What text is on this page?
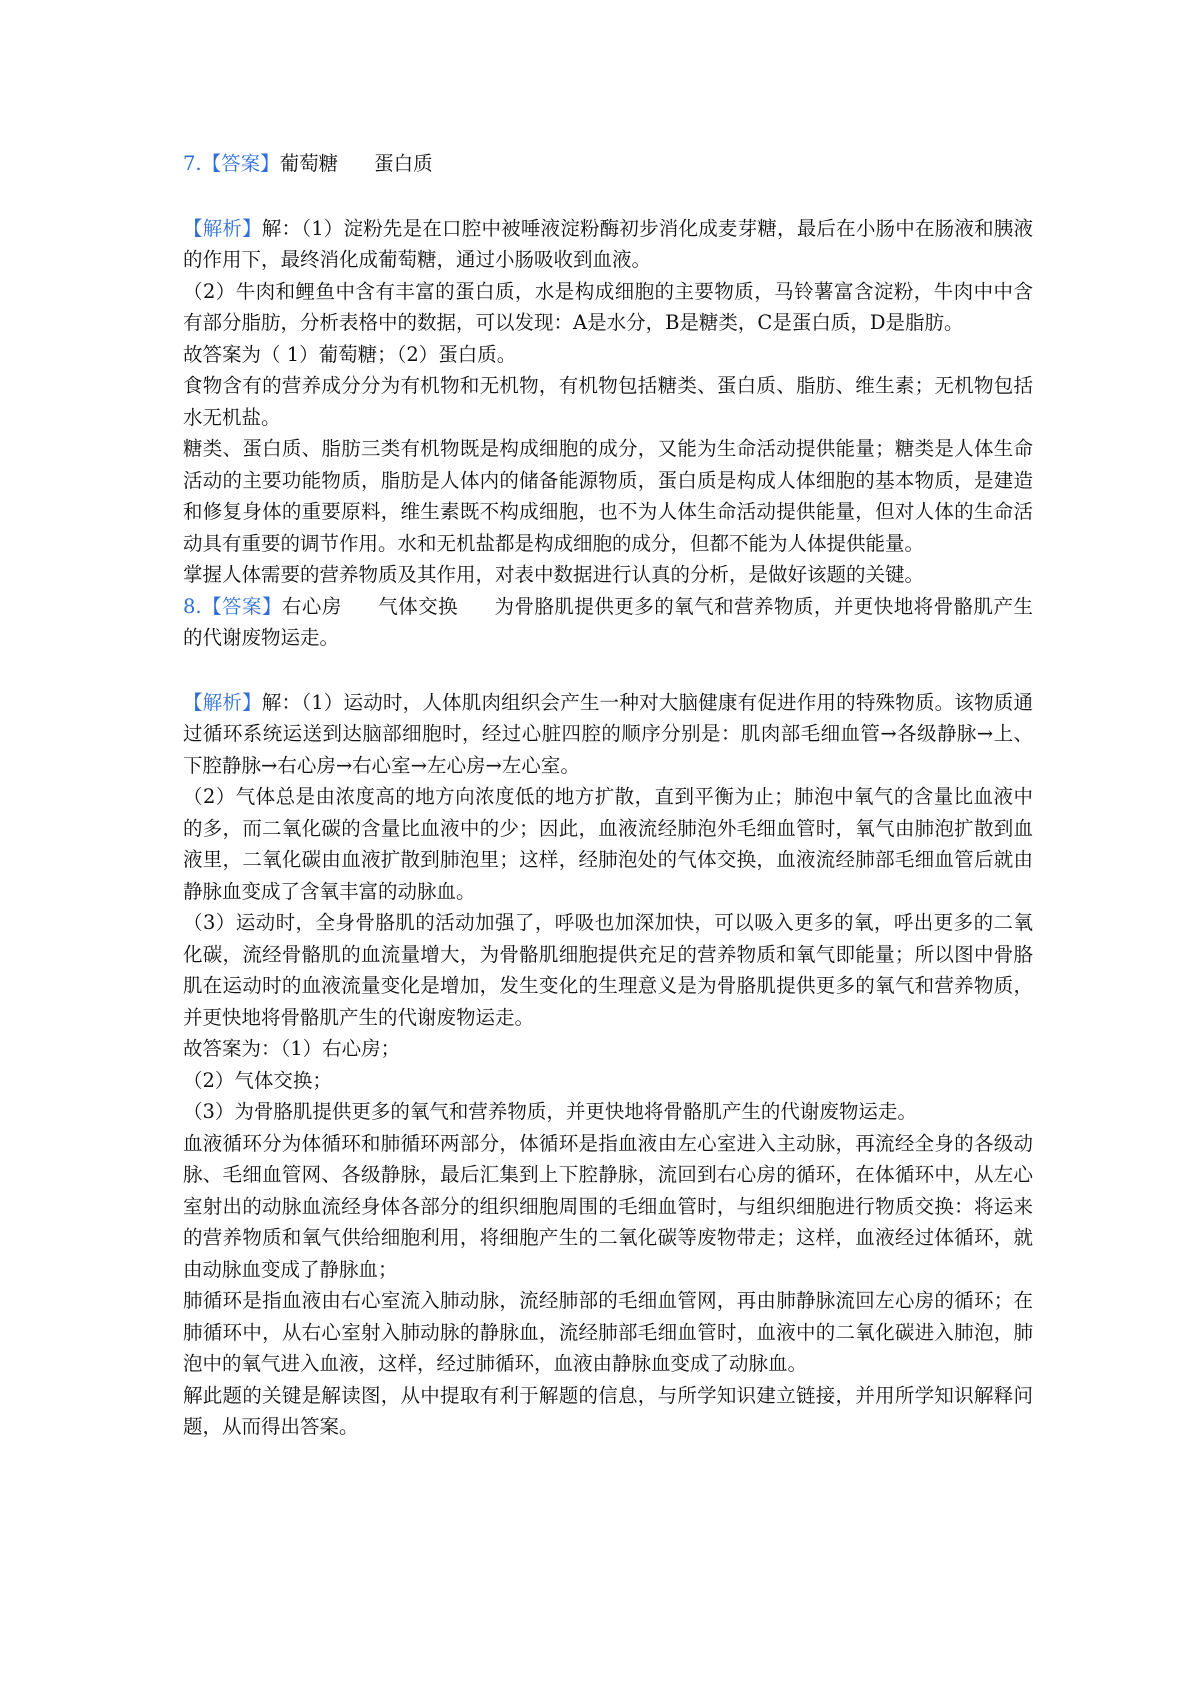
7.【答案】葡萄糖 蛋白质

【解析】解：（1）淀粉先是在口腔中被唾液淀粉酶初步消化成麦芽糖，最后在小肠中在肠液和胰液的作用下，最终消化成葡萄糖，通过小肠吸收到血液。

（2）牛肉和鲤鱼中含有丰富的蛋白质，水是构成细胞的主要物质，马铃薯富含淀粉，牛肉中中含有部分脂肪，分析表格中的数据，可以发现：A是水分，B是糖类，C是蛋白质，D是脂肪。

故答案为（ 1）葡萄糖；（2）蛋白质。

食物含有的营养成分分为有机物和无机物，有机物包括糖类、蛋白质、脂肪、维生素；无机物包括水无机盐。

糖类、蛋白质、脂肪三类有机物既是构成细胞的成分，又能为生命活动提供能量；糖类是人体生命活动的主要功能物质，脂肪是人体内的储备能源物质，蛋白质是构成人体细胞的基本物质，是建造和修复身体的重要原料，维生素既不构成细胞，也不为人体生命活动提供能量，但对人体的生命活动具有重要的调节作用。水和无机盐都是构成细胞的成分，但都不能为人体提供能量。

掌握人体需要的营养物质及其作用，对表中数据进行认真的分析，是做好该题的关键。

8.【答案】右心房 气体交换 为骨胳肌提供更多的氧气和营养物质，并更快地将骨骼肌产生的代谢废物运走。

【解析】解：（1）运动时，人体肌肉组织会产生一种对大脑健康有促进作用的特殊物质。该物质通过循环系统运送到达脑部细胞时，经过心脏四腔的顺序分别是：肌肉部毛细血管→各级静脉→上、下腔静脉→右心房→右心室→左心房→左心室。

（2）气体总是由浓度高的地方向浓度低的地方扩散，直到平衡为止；肺泡中氧气的含量比血液中的多，而二氧化碳的含量比血液中的少；因此，血液流经肺泡外毛细血管时，氧气由肺泡扩散到血液里，二氧化碳由血液扩散到肺泡里；这样，经肺泡处的气体交换，血液流经肺部毛细血管后就由静脉血变成了含氧丰富的动脉血。

（3）运动时，全身骨胳肌的活动加强了，呼吸也加深加快，可以吸入更多的氧，呼出更多的二氧化碳，流经骨骼肌的血流量增大，为骨骼肌细胞提供充足的营养物质和氧气即能量；所以图中骨胳肌在运动时的血液流量变化是增加，发生变化的生理意义是为骨胳肌提供更多的氧气和营养物质，并更快地将骨骼肌产生的代谢废物运走。

故答案为：（1）右心房；

（2）气体交换；

（3）为骨胳肌提供更多的氧气和营养物质，并更快地将骨骼肌产生的代谢废物运走。

血液循环分为体循环和肺循环两部分，体循环是指血液由左心室进入主动脉，再流经全身的各级动脉、毛细血管网、各级静脉，最后汇集到上下腔静脉，流回到右心房的循环，在体循环中，从左心室射出的动脉血流经身体各部分的组织细胞周围的毛细血管时，与组织细胞进行物质交换：将运来的营养物质和氧气供给细胞利用，将细胞产生的二氧化碳等废物带走；这样，血液经过体循环，就由动脉血变成了静脉血；

肺循环是指血液由右心室流入肺动脉，流经肺部的毛细血管网，再由肺静脉流回左心房的循环；在肺循环中，从右心室射入肺动脉的静脉血，流经肺部毛细血管时，血液中的二氧化碳进入肺泡，肺泡中的氧气进入血液，这样，经过肺循环，血液由静脉血变成了动脉血。

解此题的关键是解读图，从中提取有利于解题的信息，与所学知识建立链接，并用所学知识解释问题，从而得出答案。
